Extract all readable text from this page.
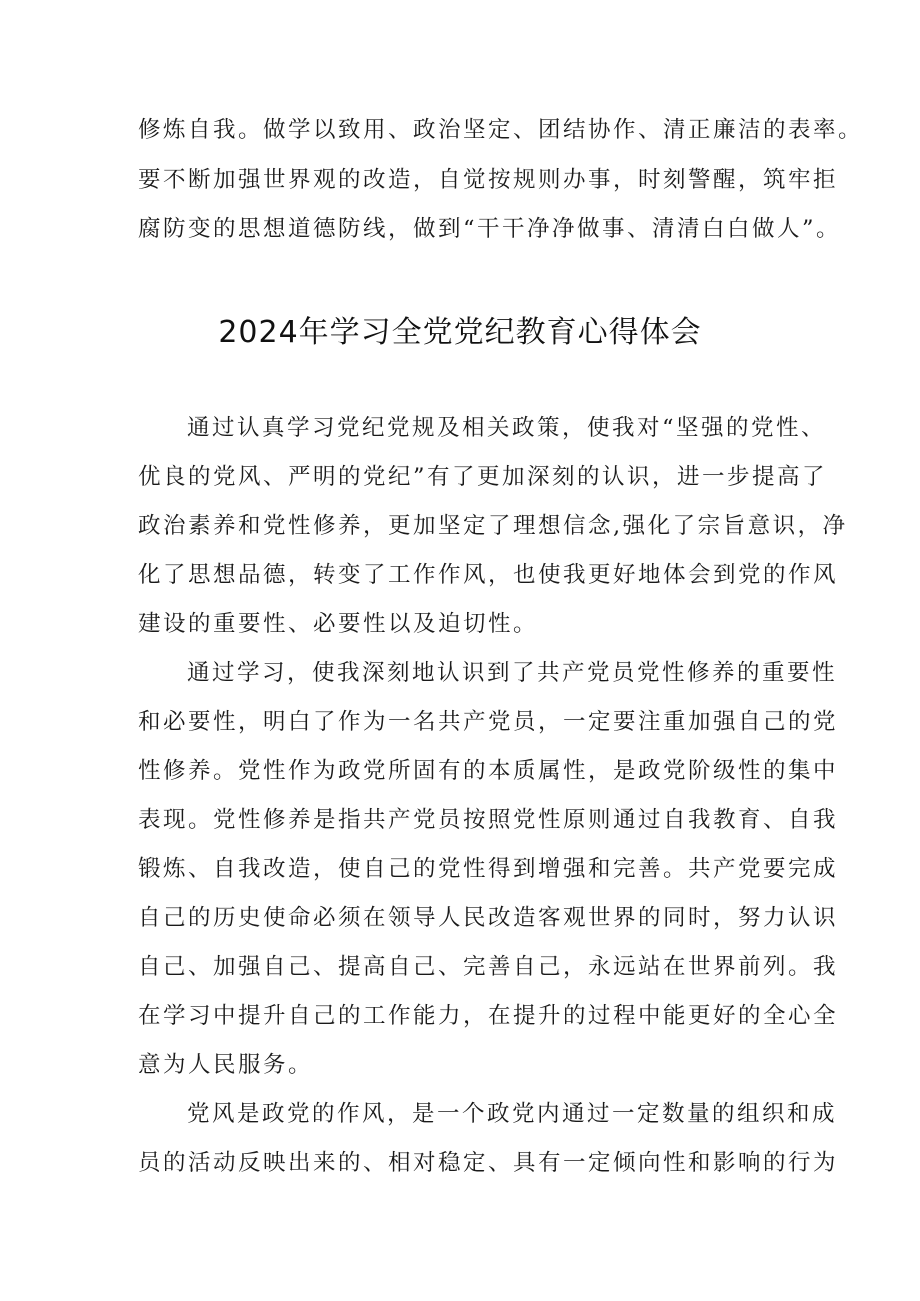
修炼自我。做学以致用、政治坚定、团结协作、清正廉洁的表率。
要不断加强世界观的改造，自觉按规则办事，时刻警醒，筑牢拒
腐防变的思想道德防线，做到“干干净净做事、清清白白做人”。
2024年学习全党党纪教育心得体会
通过认真学习党纪党规及相关政策，使我对“坚强的党性、
优良的党风、严明的党纪”有了更加深刻的认识，进一步提高了
政治素养和党性修养，更加坚定了理想信念,强化了宗旨意识，净
化了思想品德，转变了工作作风，也使我更好地体会到党的作风
建设的重要性、必要性以及迫切性。
通过学习，使我深刻地认识到了共产党员党性修养的重要性
和必要性，明白了作为一名共产党员，一定要注重加强自己的党
性修养。党性作为政党所固有的本质属性，是政党阶级性的集中
表现。党性修养是指共产党员按照党性原则通过自我教育、自我
锻炼、自我改造，使自己的党性得到增强和完善。共产党要完成
自己的历史使命必须在领导人民改造客观世界的同时，努力认识
自己、加强自己、提高自己、完善自己，永远站在世界前列。我
在学习中提升自己的工作能力，在提升的过程中能更好的全心全
意为人民服务。
党风是政党的作风，是一个政党内通过一定数量的组织和成
员的活动反映出来的、相对稳定、具有一定倾向性和影响的行为
